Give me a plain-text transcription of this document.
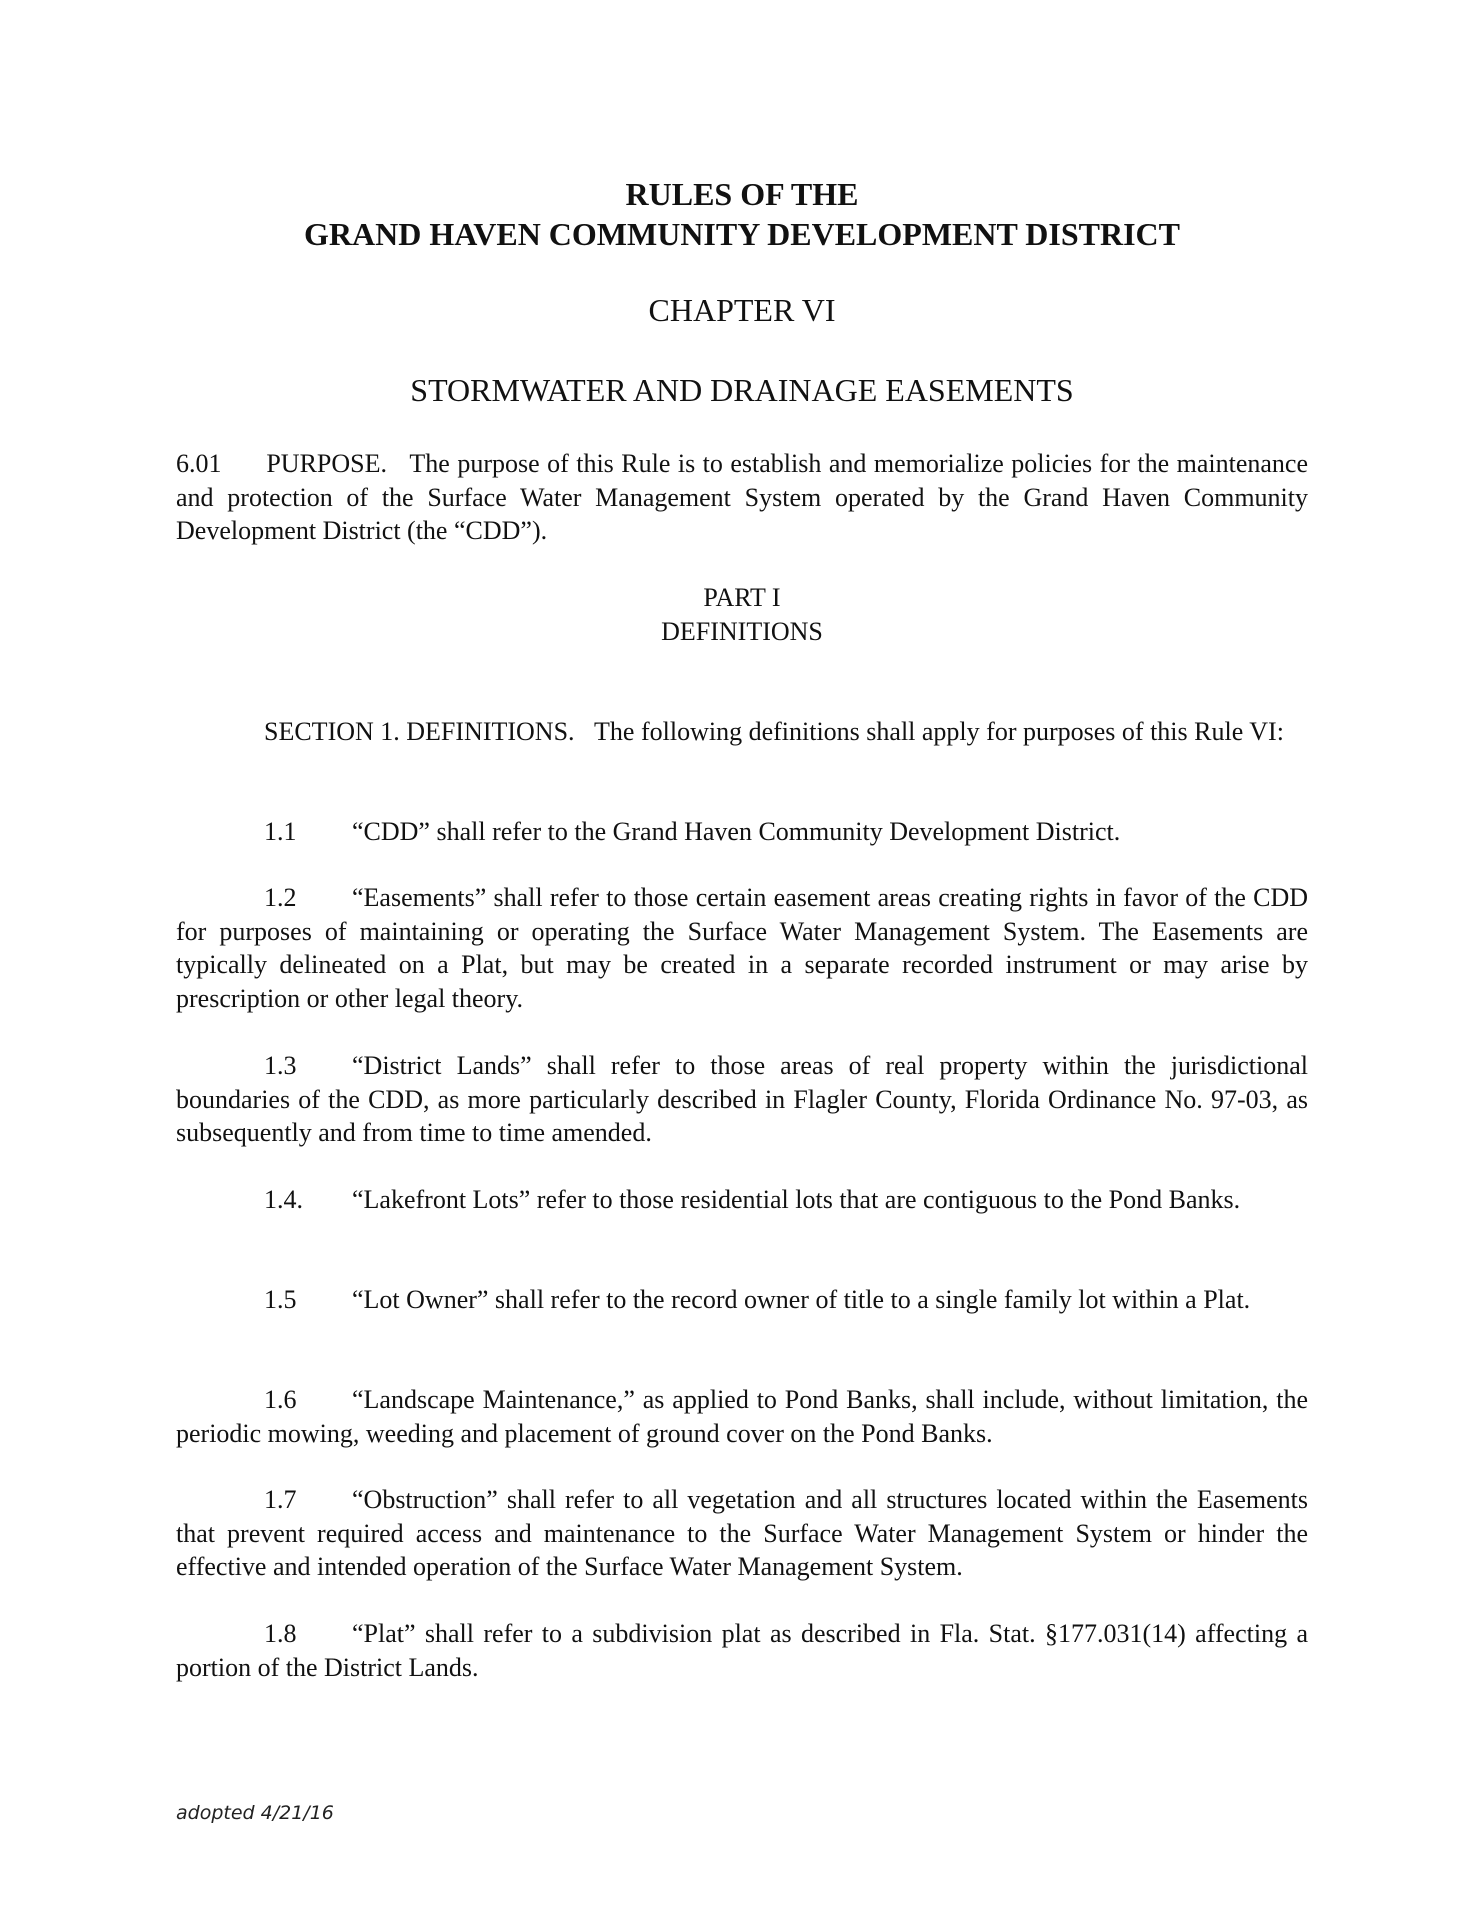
RULES OF THE
GRAND HAVEN COMMUNITY DEVELOPMENT DISTRICT
CHAPTER VI
STORMWATER AND DRAINAGE EASEMENTS
6.01 PURPOSE. The purpose of this Rule is to establish and memorialize policies for the maintenance and protection of the Surface Water Management System operated by the Grand Haven Community Development District (the “CDD”).
PART I
DEFINITIONS
SECTION 1. DEFINITIONS. The following definitions shall apply for purposes of this Rule VI:
1.1 “CDD” shall refer to the Grand Haven Community Development District.
1.2 “Easements” shall refer to those certain easement areas creating rights in favor of the CDD for purposes of maintaining or operating the Surface Water Management System. The Easements are typically delineated on a Plat, but may be created in a separate recorded instrument or may arise by prescription or other legal theory.
1.3 “District Lands” shall refer to those areas of real property within the jurisdictional boundaries of the CDD, as more particularly described in Flagler County, Florida Ordinance No. 97-03, as subsequently and from time to time amended.
1.4. “Lakefront Lots” refer to those residential lots that are contiguous to the Pond Banks.
1.5 “Lot Owner” shall refer to the record owner of title to a single family lot within a Plat.
1.6 “Landscape Maintenance,” as applied to Pond Banks, shall include, without limitation, the periodic mowing, weeding and placement of ground cover on the Pond Banks.
1.7 “Obstruction” shall refer to all vegetation and all structures located within the Easements that prevent required access and maintenance to the Surface Water Management System or hinder the effective and intended operation of the Surface Water Management System.
1.8 “Plat” shall refer to a subdivision plat as described in Fla. Stat. §177.031(14) affecting a portion of the District Lands.
adopted 4/21/16
